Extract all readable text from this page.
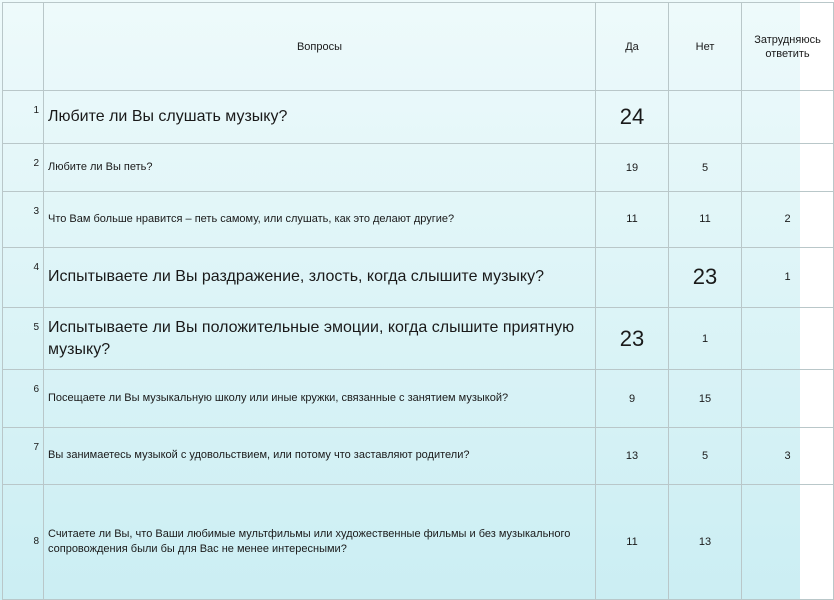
	Вопросы	Да	Нет	Затрудняюсь ответить
1	Любите ли Вы слушать музыку?	24		
2	Любите ли Вы петь?	19	5	
3	Что Вам больше нравится – петь самому, или слушать, как это делают другие?	11	11	2
4	Испытываете ли Вы раздражение, злость, когда слышите музыку?		23	1
5	Испытываете ли Вы положительные эмоции, когда слышите приятную музыку?	23	1	
6	Посещаете ли Вы музыкальную школу или иные кружки, связанные с занятием музыкой?	9	15	
7	Вы занимаетесь музыкой с удовольствием, или потому что заставляют родители?	13	5	3
8	Считаете ли Вы, что Ваши любимые мультфильмы или художественные фильмы и без музыкального сопровождения были бы для Вас не менее интересными?	11	13	
